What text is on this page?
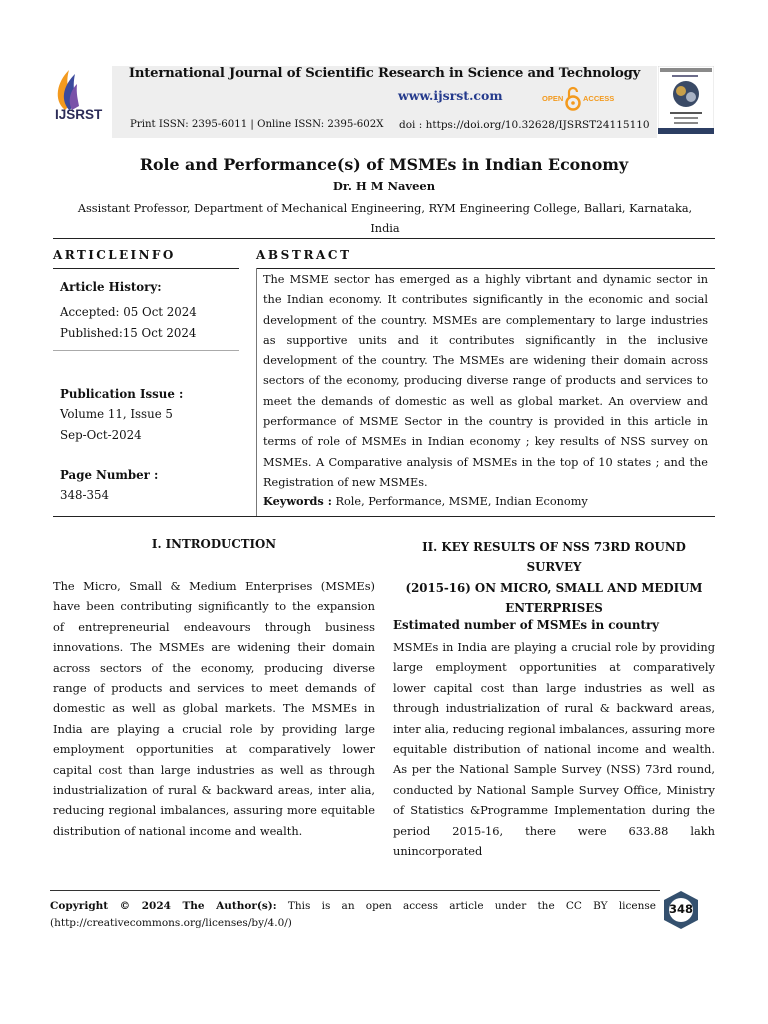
IJSRST
International Journal of Scientific Research in Science and Technology
www.ijsrst.com	OPEN	ACCESS
Print ISSN: 2395-6011 | Online ISSN: 2395-602X doi : https://doi.org/10.32628/IJSRST24115110
Role and Performance(s) of MSMEs in Indian Economy
Dr. H M Naveen
Assistant Professor, Department of Mechanical Engineering, RYM Engineering College, Ballari, Karnataka, India
ARTICLEINFO	ABSTRACT
Article History:
Accepted: 05 Oct 2024
Published:15 Oct 2024
Publication Issue :
Volume 11, Issue 5
Sep-Oct-2024
Page Number :
348-354
The MSME sector has emerged as a highly vibrtant and dynamic sector in the Indian economy. It contributes significantly in the economic and social development of the country. MSMEs are complementary to large industries as supportive units and it contributes significantly in the inclusive development of the country. The MSMEs are widening their domain across sectors of the economy, producing diverse range of products and services to meet the demands of domestic as well as global market. An overview and performance of MSME Sector in the country is provided in this article in terms of role of MSMEs in Indian economy ; key results of NSS survey on MSMEs. A Comparative analysis of MSMEs in the top of 10 states ; and the Registration of new MSMEs.
Keywords : Role, Performance, MSME, Indian Economy
I. INTRODUCTION
The Micro, Small & Medium Enterprises (MSMEs) have been contributing significantly to the expansion of entrepreneurial endeavours through business innovations. The MSMEs are widening their domain across sectors of the economy, producing diverse range of products and services to meet demands of domestic as well as global markets. The MSMEs in India are playing a crucial role by providing large employment opportunities at comparatively lower capital cost than large industries as well as through industrialization of rural & backward areas, inter alia, reducing regional imbalances, assuring more equitable distribution of national income and wealth.
II. KEY RESULTS OF NSS 73RD ROUND SURVEY
(2015-16) ON MICRO, SMALL AND MEDIUM
ENTERPRISES
Estimated number of MSMEs in country
MSMEs in India are playing a crucial role by providing large employment opportunities at comparatively lower capital cost than large industries as well as through industrialization of rural & backward areas, inter alia, reducing regional imbalances, assuring more equitable distribution of national income and wealth. As per the National Sample Survey (NSS) 73rd round, conducted by National Sample Survey Office, Ministry of Statistics &Programme Implementation during the period 2015-16, there were 633.88 lakh unincorporated
Copyright © 2024 The Author(s): This is an open access article under the CC BY license (http://creativecommons.org/licenses/by/4.0/)
348
